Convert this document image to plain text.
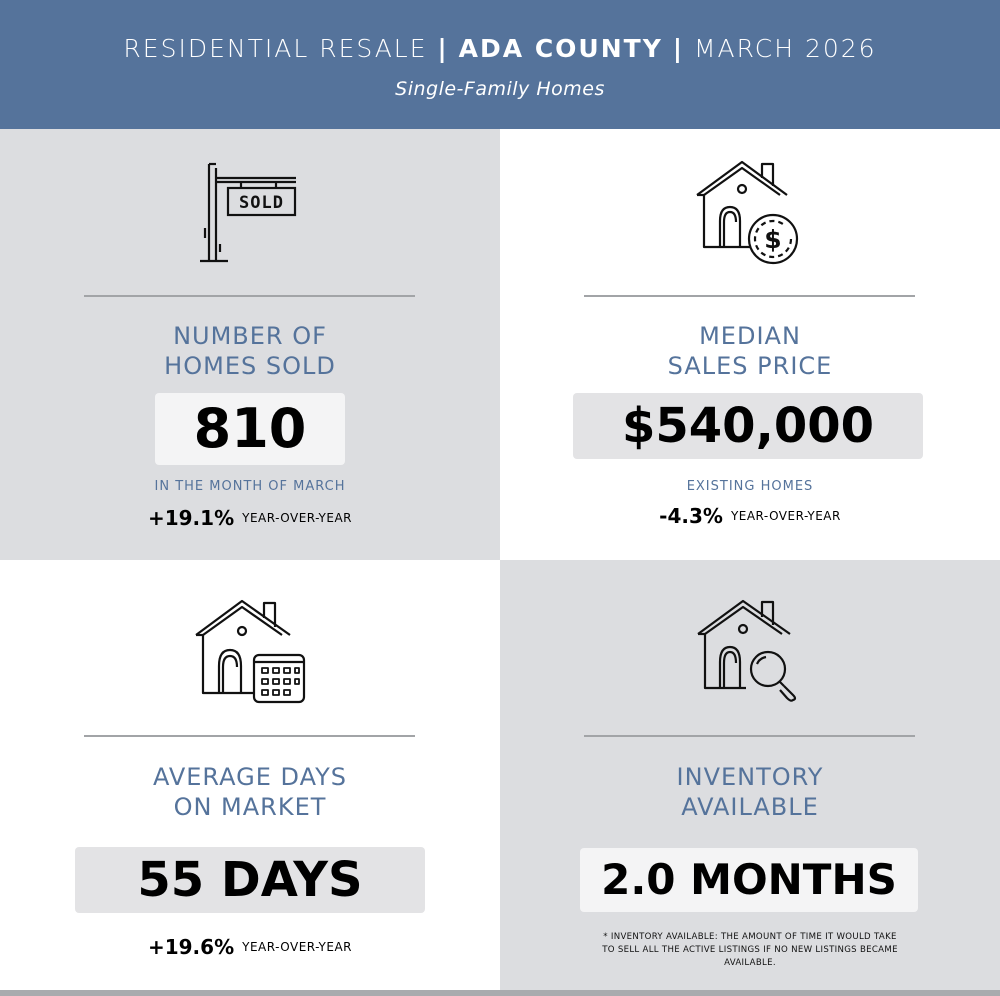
RESIDENTIAL RESALE | ADA COUNTY | MARCH 2026
Single-Family Homes
SOLD
NUMBER OF
HOMES SOLD
810
IN THE MONTH OF MARCH
+19.1% YEAR-OVER-YEAR
$
MEDIAN
SALES PRICE
$540,000
EXISTING HOMES
-4.3% YEAR-OVER-YEAR
AVERAGE DAYS
ON MARKET
55 DAYS
+19.6% YEAR-OVER-YEAR
INVENTORY
AVAILABLE
2.0 MONTHS
* INVENTORY AVAILABLE: THE AMOUNT OF TIME IT WOULD TAKE TO SELL ALL THE ACTIVE LISTINGS IF NO NEW LISTINGS BECAME AVAILABLE.
